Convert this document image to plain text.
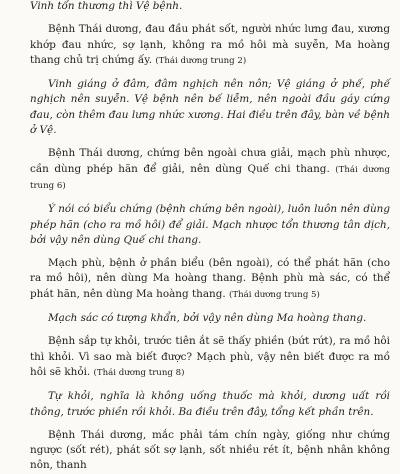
Vinh tổn thương thì Vệ bệnh.

Bệnh Thái dương, đau đầu phát sốt, người nhức lưng đau, xương khớp đau nhức, sợ lạnh, không ra mồ hôi mà suyễn, Ma hoàng thang chủ trị chứng ấy. (Thái dương trung 2)

Vinh giáng ở đâm, đâm nghịch nên nôn; Vệ giáng ở phế, phế nghịch nên suyễn. Vệ bệnh nên bế liễm, nên ngoài đầu gáy cứng đau, còn thêm đau lưng nhức xương. Hai điều trên đây, bàn về bệnh ở Vệ.

Bệnh Thái dương, chứng bên ngoài chưa giải, mạch phù nhược, cần dùng phép hãn để giải, nên dùng Quế chi thang. (Thái dương trung 6)

Ý nói có biểu chứng (bệnh chứng bên ngoài), luôn luôn nên dùng phép hãn (cho ra mồ hôi) để giải. Mạch nhược tổn thương tân dịch, bởi vậy nên dùng Quế chi thang.

Mạch phù, bệnh ở phần biểu (bên ngoài), có thể phát hãn (cho ra mồ hôi), nên dùng Ma hoàng thang. Bệnh phù mà sác, có thể phát hãn, nên dùng Ma hoàng thang. (Thái dương trung 5)

Mạch sác có tượng khẩn, bởi vậy nên dùng Ma hoàng thang.

Bệnh sắp tự khỏi, trước tiên ắt sẽ thấy phiền (bứt rứt), ra mồ hôi thì khỏi. Vì sao mà biết được? Mạch phù, vậy nên biết được ra mồ hôi sẽ khỏi. (Thái dương trung 8)

Tự khỏi, nghĩa là không uống thuốc mà khỏi, dương uất rồi thông, trước phiền rồi khỏi. Ba điều trên đây, tổng kết phần trên.

Bệnh Thái dương, mắc phải tám chín ngày, giống như chứng ngược (sốt rét), phát sốt sợ lạnh, sốt nhiều rét ít, bệnh nhân không nôn, thanh
